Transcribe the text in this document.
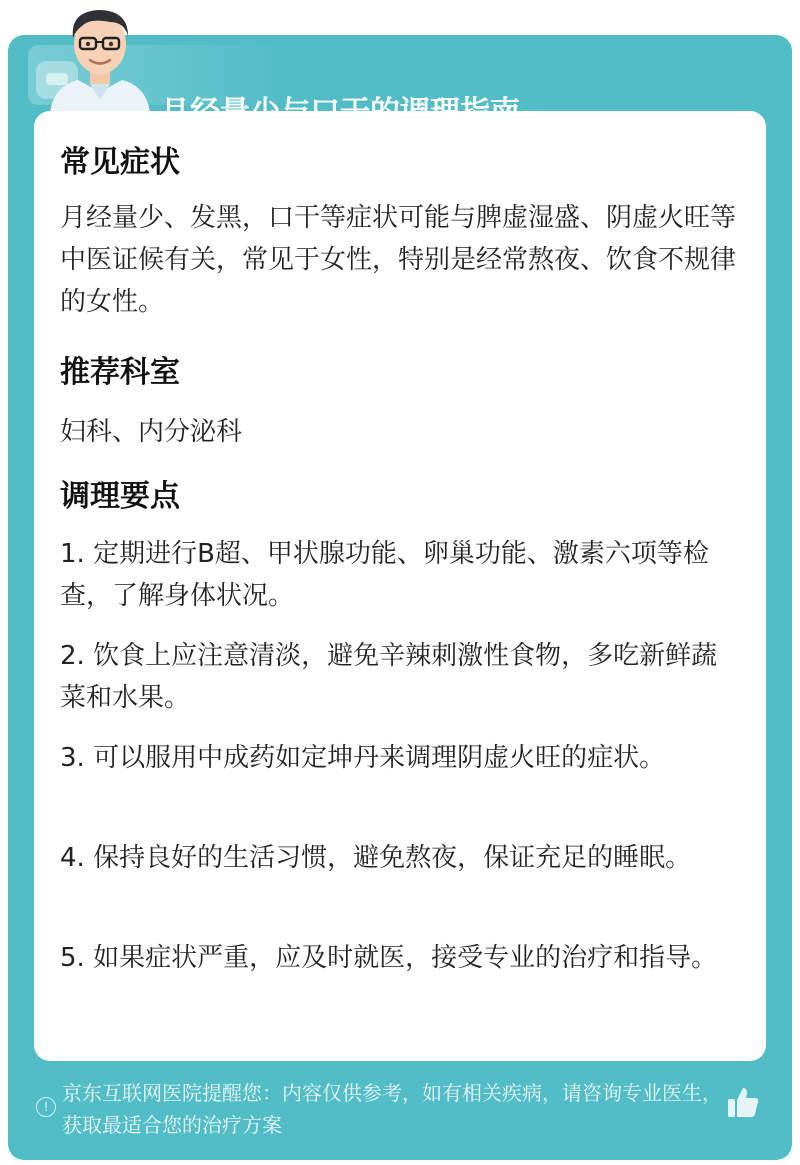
常见症状
月经量少、发黑，口干等症状可能与脾虚湿盛、阴虚火旺等中医证候有关，常见于女性，特别是经常熬夜、饮食不规律的女性。
推荐科室
妇科、内分泌科
调理要点
1. 定期进行B超、甲状腺功能、卵巢功能、激素六项等检查，了解身体状况。
2. 饮食上应注意清淡，避免辛辣刺激性食物，多吃新鲜蔬菜和水果。
3. 可以服用中成药如定坤丹来调理阴虚火旺的症状。
4. 保持良好的生活习惯，避免熬夜，保证充足的睡眠。
5. 如果症状严重，应及时就医，接受专业的治疗和指导。
!
京东互联网医院提醒您：内容仅供参考，如有相关疾病，请咨询专业医生，获取最适合您的治疗方案
